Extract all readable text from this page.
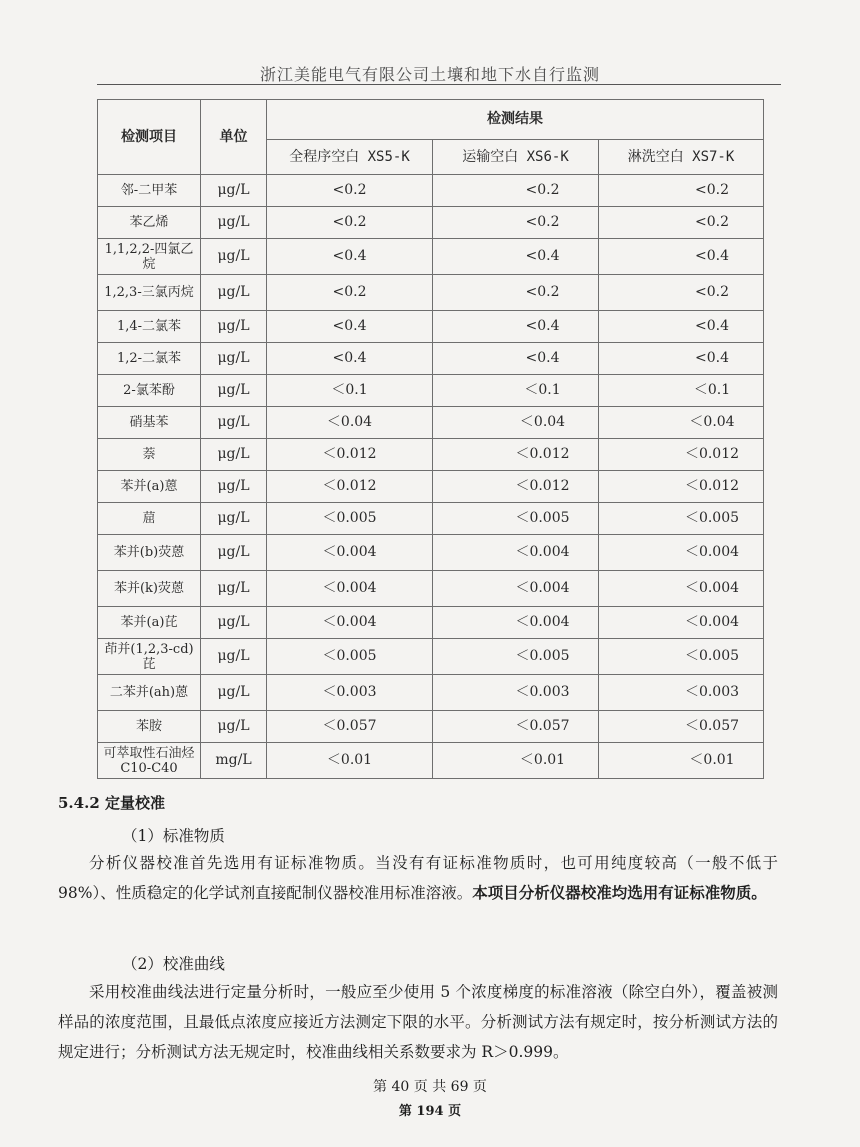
浙江美能电气有限公司土壤和地下水自行监测
检测项目	单位	检测结果		
		全程序空白 XS5-K	运输空白 XS6-K	淋洗空白 XS7-K
邻-二甲苯	μg/L	<0.2	<0.2	<0.2
苯乙烯	μg/L	<0.2	<0.2	<0.2
1,1,2,2-四氯乙烷	μg/L	<0.4	<0.4	<0.4
1,2,3-三氯丙烷	μg/L	<0.2	<0.2	<0.2
1,4-二氯苯	μg/L	<0.4	<0.4	<0.4
1,2-二氯苯	μg/L	<0.4	<0.4	<0.4
2-氯苯酚	μg/L	＜0.1	＜0.1	＜0.1
硝基苯	μg/L	＜0.04	＜0.04	＜0.04
萘	μg/L	＜0.012	＜0.012	＜0.012
苯并(a)蒽	μg/L	＜0.012	＜0.012	＜0.012
䓛	μg/L	＜0.005	＜0.005	＜0.005
苯并(b)荧蒽	μg/L	＜0.004	＜0.004	＜0.004
苯并(k)荧蒽	μg/L	＜0.004	＜0.004	＜0.004
苯并(a)芘	μg/L	＜0.004	＜0.004	＜0.004
茚并(1,2,3-cd)芘	μg/L	＜0.005	＜0.005	＜0.005
二苯并(ah)蒽	μg/L	＜0.003	＜0.003	＜0.003
苯胺	μg/L	＜0.057	＜0.057	＜0.057
可萃取性石油烃 C10-C40	mg/L	＜0.01	＜0.01	＜0.01
5.4.2 定量校准
（1）标准物质

分析仪器校准首先选用有证标准物质。当没有有证标准物质时，也可用纯度较高（一般不低于 98%）、性质稳定的化学试剂直接配制仪器校准用标准溶液。本项目分析仪器校准均选用有证标准物质。

（2）校准曲线

采用校准曲线法进行定量分析时，一般应至少使用 5 个浓度梯度的标准溶液（除空白外），覆盖被测样品的浓度范围，且最低点浓度应接近方法测定下限的水平。分析测试方法有规定时，按分析测试方法的规定进行；分析测试方法无规定时，校准曲线相关系数要求为 R＞0.999。

第 40 页 共 69 页
第 194 页
